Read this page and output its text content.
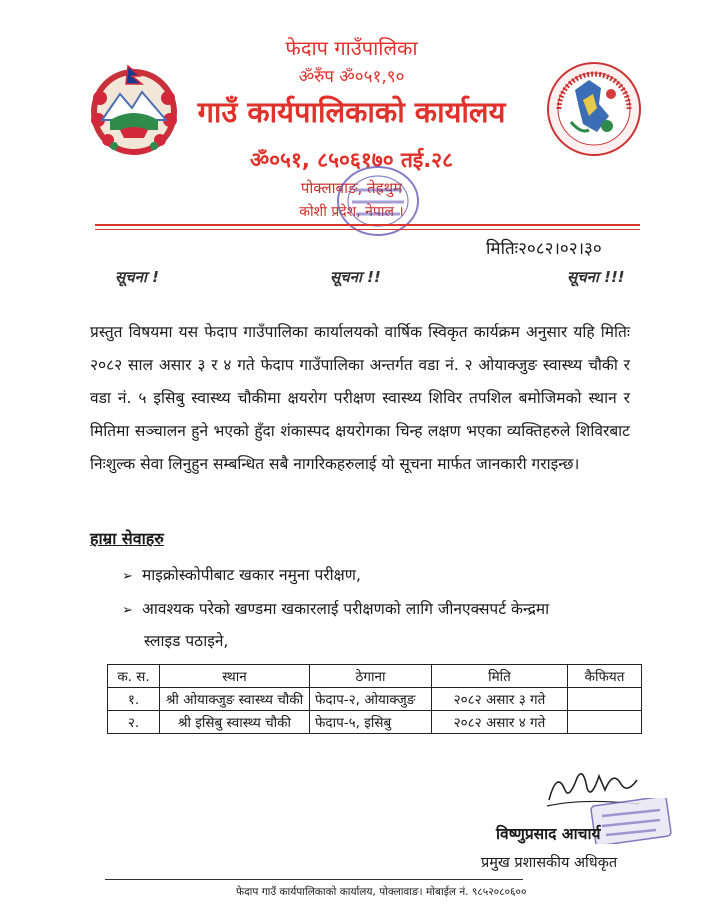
फेदाप गाउँपालिका
ॐरुँप ॐ०५१,९०
गाउँ कार्यपालिकाको कार्यालय
ॐ०५१, ८५०६१७० तई.२८
पोक्लाबाङ, तेह्रथुम
कोशी प्रदेश, नेपाल ।
मितिः२०८२।०२।३०
सूचना !	सूचना !!	सूचना !!!

प्रस्तुत विषयमा यस फेदाप गाउँपालिका कार्यालयको वार्षिक स्विकृत कार्यक्रम अनुसार यहि मितिः २०८२ साल असार ३ र ४ गते फेदाप गाउँपालिका अन्तर्गत वडा नं. २ ओयाक्जुङ स्वास्थ्य चौकी र वडा नं. ५ इसिबु स्वास्थ्य चौकीमा क्षयरोग परीक्षण स्वास्थ्य शिविर तपशिल बमोजिमको स्थान र मितिमा सञ्चालन हुने भएको हुँदा शंकास्पद क्षयरोगका चिन्ह लक्षण भएका व्यक्तिहरुले शिविरबाट निःशुल्क सेवा लिनुहुन सम्बन्धित सबै नागरिकहरुलाई यो सूचना मार्फत जानकारी गराइन्छ।

हाम्रा सेवाहरु
➢ माइक्रोस्कोपीबाट खकार नमुना परीक्षण,
➢ आवश्यक परेको खण्डमा खकारलाई परीक्षणको लागि जीनएक्सपर्ट केन्द्रमा
स्लाइड पठाइने,
क. स.	स्थान	ठेगाना	मिति	कैफियत
१.	श्री ओयाक्जुङ स्वास्थ्य चौकी	फेदाप-२, ओयाक्जुङ	२०८२ असार ३ गते	
२.	श्री इसिबु स्वास्थ्य चौकी	फेदाप-५, इसिबु	२०८२ असार ४ गते	
विष्णुप्रसाद आचार्य
प्रमुख प्रशासकीय अधिकृत
फेदाप गाउँ कार्यपालिकाको कार्यालय, पोक्लावाङ। मोबाईल नं. ९८५२०८०६००
